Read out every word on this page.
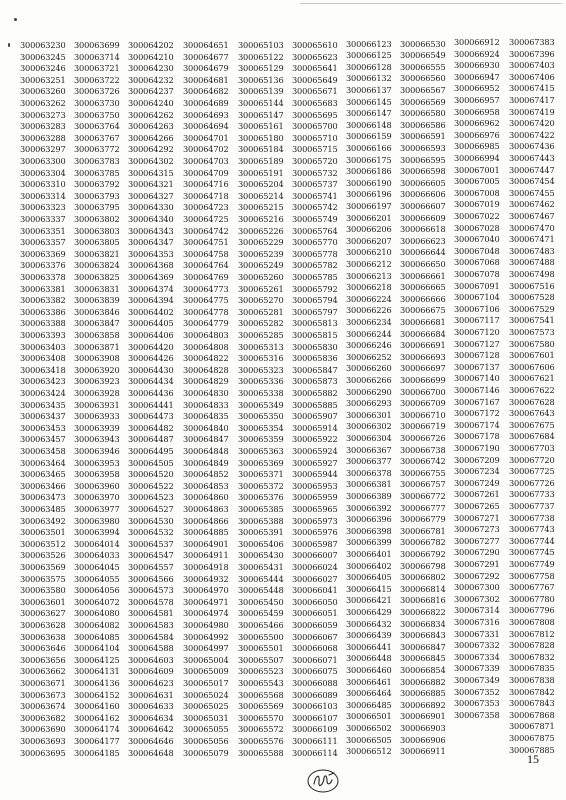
300063230
300063245
300063246
300063251
300063260
300063262
300063273
300063283
300063288
300063297
300063300
300063304
300063310
300063314
300063323
300063337
300063351
300063357
300063369
300063376
300063378
300063381
300063382
300063386
300063388
300063393
300063403
300063408
300063418
300063423
300063424
300063435
300063437
300063453
300063457
300063458
300063464
300063465
300063466
300063473
300063485
300063492
300063501
300063512
300063526
300063569
300063575
300063580
300063601
300063627
300063628
300063638
300063646
300063656
300063662
300063671
300063673
300063674
300063682
300063690
300063693
300063695
300063699
300063714
300063721
300063722
300063726
300063730
300063750
300063764
300063767
300063772
300063783
300063785
300063792
300063793
300063795
300063802
300063803
300063805
300063821
300063824
300063825
300063831
300063839
300063846
300063847
300063858
300063871
300063908
300063920
300063923
300063928
300063931
300063933
300063939
300063943
300063946
300063953
300063958
300063960
300063970
300063977
300063980
300063994
300064014
300064033
300064045
300064055
300064056
300064072
300064080
300064082
300064085
300064104
300064125
300064131
300064136
300064152
300064160
300064162
300064174
300064177
300064185
300064202
300064210
300064230
300064232
300064237
300064240
300064262
300064263
300064266
300064292
300064302
300064315
300064321
300064327
300064330
300064340
300064343
300064347
300064353
300064368
300064369
300064374
300064394
300064402
300064405
300064406
300064420
300064426
300064430
300064434
300064436
300064441
300064473
300064482
300064487
300064495
300064505
300064520
300064522
300064523
300064527
300064530
300064532
300064537
300064547
300064557
300064566
300064573
300064578
300064581
300064583
300064584
300064588
300064603
300064609
300064623
300064631
300064633
300064634
300064642
300064646
300064648
300064651
300064677
300064679
300064681
300064682
300064689
300064693
300064694
300064701
300064702
300064703
300064709
300064716
300064718
300064723
300064725
300064742
300064751
300064758
300064764
300064769
300064773
300064775
300064778
300064779
300064803
300064808
300064822
300064828
300064829
300064830
300064833
300064835
300064840
300064847
300064848
300064849
300064852
300064853
300064860
300064863
300064866
300064885
300064901
300064911
300064918
300064932
300064970
300064971
300064974
300064980
300064992
300064997
300065004
300065009
300065017
300065024
300065025
300065031
300065055
300065056
300065079
300065103
300065122
300065129
300065136
300065139
300065144
300065147
300065161
300065180
300065184
300065189
300065191
300065204
300065214
300065215
300065216
300065226
300065229
300065239
300065249
300065260
300065261
300065270
300065281
300065282
300065285
300065313
300065316
300065323
300065336
300065338
300065349
300065350
300065354
300065359
300065363
300065369
300065371
300065372
300065376
300065385
300065388
300065391
300065406
300065430
300065431
300065444
300065448
300065450
300065459
300065466
300065500
300065501
300065507
300065523
300065543
300065568
300065569
300065570
300065572
300065576
300065588
300065610
300065623
300065641
300065649
300065671
300065683
300065695
300065700
300065710
300065715
300065720
300065732
300065737
300065741
300065742
300065749
300065764
300065770
300065778
300065782
300065785
300065792
300065794
300065797
300065813
300065815
300065830
300065836
300065847
300065873
300065882
300065885
300065907
300065914
300065922
300065924
300065927
300065944
300065953
300065959
300065965
300065973
300065976
300065987
300066007
300066024
300066027
300066041
300066050
300066051
300066059
300066067
300066068
300066071
300066075
300066088
300066089
300066103
300066107
300066109
300066111
300066114
300066123
300066125
300066128
300066132
300066137
300066145
300066147
300066148
300066159
300066166
300066175
300066186
300066190
300066196
300066197
300066201
300066206
300066207
300066210
300066212
300066213
300066218
300066224
300066226
300066234
300066244
300066246
300066252
300066260
300066266
300066290
300066293
300066301
300066302
300066304
300066367
300066377
300066378
300066381
300066389
300066392
300066396
300066398
300066399
300066401
300066402
300066405
300066415
300066421
300066429
300066432
300066439
300066441
300066448
300066460
300066461
300066464
300066485
300066501
300066502
300066505
300066512
300066530
300066549
300066555
300066560
300066567
300066569
300066580
300066586
300066591
300066593
300066595
300066598
300066605
300066606
300066607
300066609
300066618
300066623
300066644
300066650
300066661
300066665
300066666
300066675
300066681
300066684
300066691
300066693
300066697
300066699
300066700
300066709
300066710
300066719
300066726
300066738
300066742
300066755
300066757
300066772
300066777
300066779
300066781
300066782
300066792
300066798
300066802
300066814
300066816
300066822
300066834
300066843
300066847
300066845
300066854
300066882
300066885
300066892
300066901
300066903
300066906
300066911
300066912
300066924
300066930
300066947
300066952
300066957
300066958
300066962
300066976
300066985
300066994
300067001
300067005
300067008
300067019
300067022
300067028
300067040
300067048
300067068
300067078
300067091
300067104
300067106
300067117
300067120
300067127
300067128
300067137
300067140
300067146
300067167
300067172
300067174
300067178
300067190
300067209
300067234
300067249
300067261
300067265
300067271
300067273
300067277
300067290
300067291
300067292
300067300
300067302
300067314
300067316
300067331
300067332
300067334
300067339
300067349
300067352
300067353
300067358
300067383
300067396
300067403
300067406
300067415
300067417
300067419
300067420
300067422
300067436
300067443
300067447
300067454
300067455
300067462
300067467
300067470
300067471
300067483
300067488
300067498
300067516
300067528
300067529
300067541
300067573
300067580
300067601
300067606
300067621
300067622
300067628
300067643
300067675
300067684
300067703
300067720
300067725
300067726
300067733
300067737
300067738
300067743
300067744
300067745
300067749
300067758
300067767
300067780
300067796
300067808
300067812
300067828
300067832
300067835
300067838
300067842
300067843
300067868
300067871
300067875
300067885
15
